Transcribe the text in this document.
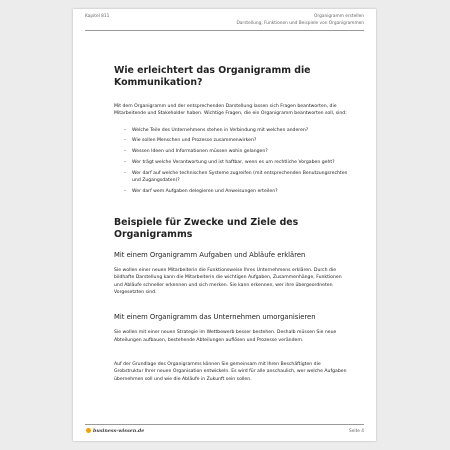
Kapitel 811	Organigramm erstellen
Darstellung, Funktionen und Beispiele von Organigrammen
Wie erleichtert das Organigramm die Kommunikation?

Mit dem Organigramm und der entsprechenden Darstellung lassen sich Fragen beantworten, die Mitarbeitende und Stakeholder haben. Wichtige Fragen, die ein Organigramm beantworten soll, sind:

– Welche Teile des Unternehmens stehen in Verbindung mit welchen anderen?
– Wie sollen Menschen und Prozesse zusammenwirken?
– Wessen Ideen und Informationen müssen wohin gelangen?
– Wer trägt welche Verantwortung und ist haftbar, wenn es um rechtliche Vorgaben geht?
– Wer darf auf welche technischen Systeme zugreifen (mit entsprechenden Benutzungsrechten und Zugangsdaten)?
– Wer darf wem Aufgaben delegieren und Anweisungen erteilen?
Beispiele für Zwecke und Ziele des Organigramms
Mit einem Organigramm Aufgaben und Abläufe erklären

Sie wollen einer neuen Mitarbeiterin die Funktionsweise Ihres Unternehmens erklären. Durch die bildhafte Darstellung kann die Mitarbeiterin die wichtigen Aufgaben, Zusammenhänge, Funktionen und Abläufe schneller erkennen und sich merken. Sie kann erkennen, wer ihre übergeordneten Vorgesetzten sind.

Mit einem Organigramm das Unternehmen umorganisieren

Sie wollen mit einer neuen Strategie im Wettbewerb besser bestehen. Deshalb müssen Sie neue Abteilungen aufbauen, bestehende Abteilungen auflösen und Prozesse verändern.

Auf der Grundlage des Organigramms können Sie gemeinsam mit Ihren Beschäftigten die Grobstruktur Ihrer neuen Organisation entwickeln. Es wird für alle anschaulich, wer welche Aufgaben übernehmen soll und wie die Abläufe in Zukunft sein sollen.

business-wissen.de	Seite 4
